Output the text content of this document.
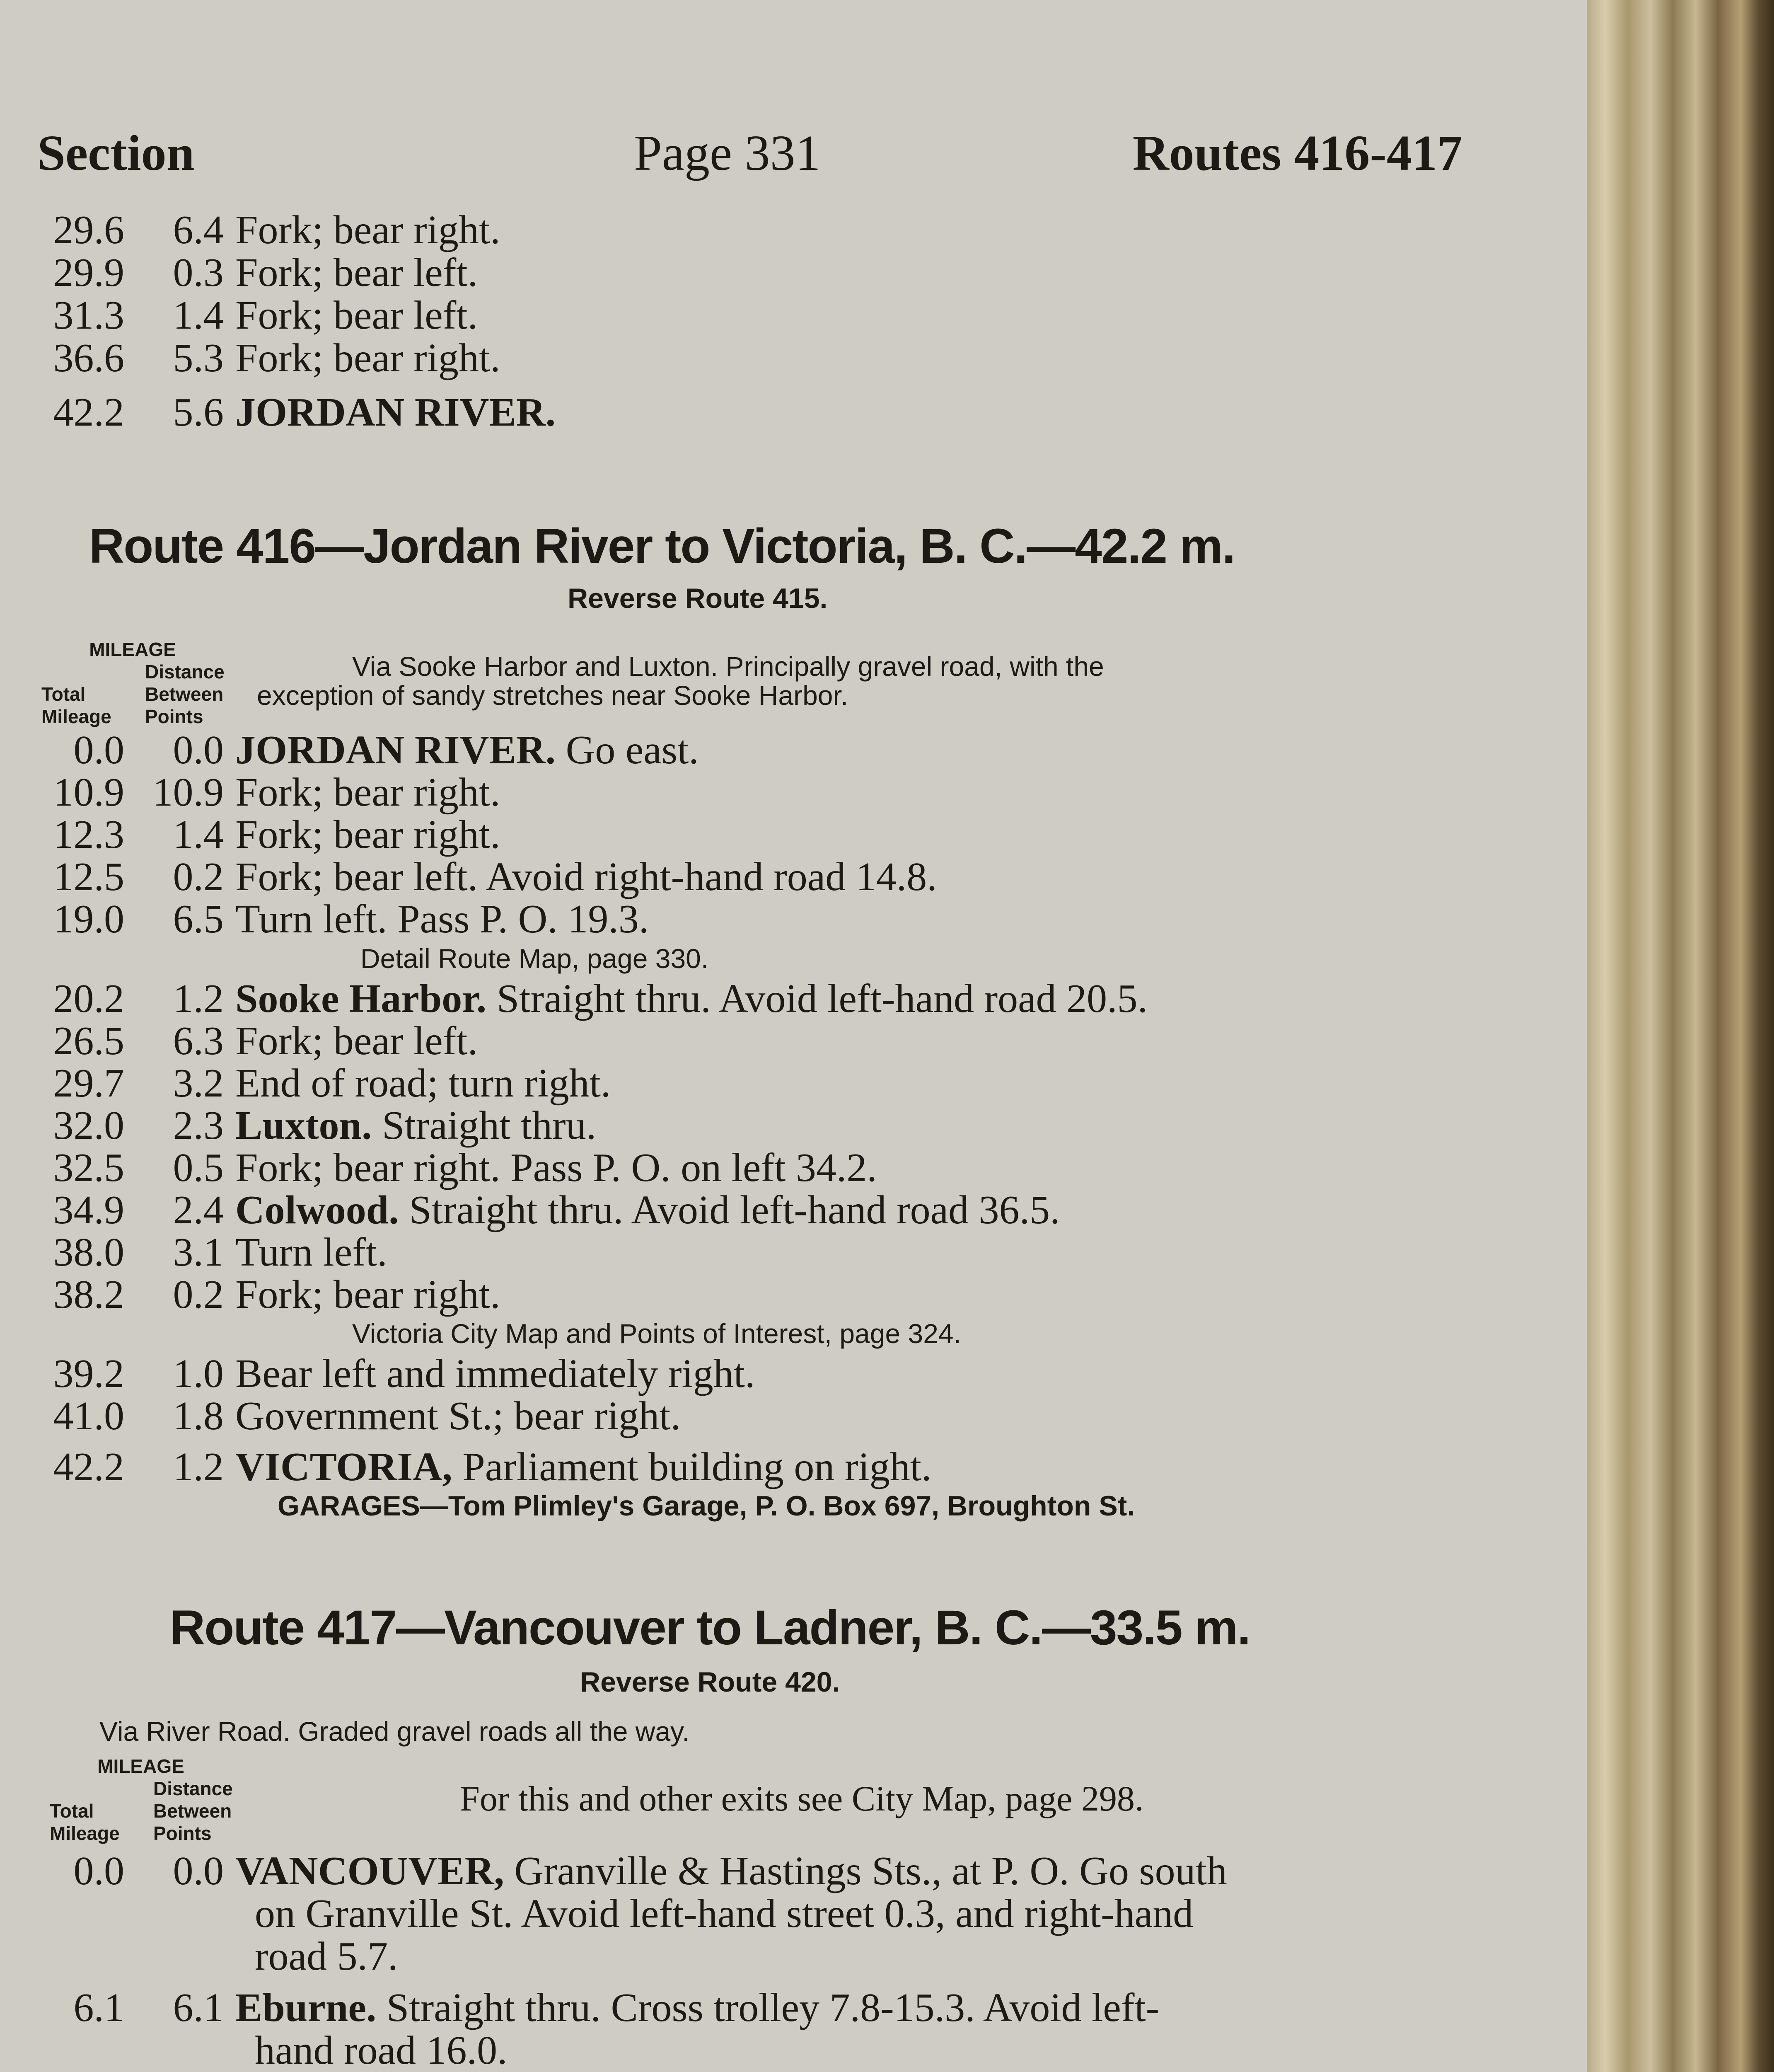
Section	Page 331	Routes 416-417
29.6 6.4 Fork; bear right.
29.9 0.3 Fork; bear left.
31.3 1.4 Fork; bear left.
36.6 5.3 Fork; bear right.
42.2 5.6 JORDAN RIVER.
Route 416—Jordan River to Victoria, B. C.—42.2 m.
Reverse Route 415.
MILEAGE
Distance
Total	Between
Mileage Points
Via Sooke Harbor and Luxton. Principally gravel road, with the
exception of sandy stretches near Sooke Harbor.
0.0 0.0 JORDAN RIVER. Go east.
10.9 10.9 Fork; bear right.
12.3 1.4 Fork; bear right.
12.5 0.2 Fork; bear left. Avoid right-hand road 14.8.
19.0 6.5 Turn left. Pass P. O. 19.3.
Detail Route Map, page 330.
20.2 1.2 Sooke Harbor. Straight thru. Avoid left-hand road 20.5.
26.5 6.3 Fork; bear left.
29.7 3.2 End of road; turn right.
32.0 2.3 Luxton. Straight thru.
32.5 0.5 Fork; bear right. Pass P. O. on left 34.2.
34.9 2.4 Colwood. Straight thru. Avoid left-hand road 36.5.
38.0 3.1 Turn left.
38.2 0.2 Fork; bear right.
Victoria City Map and Points of Interest, page 324.
39.2 1.0 Bear left and immediately right.
41.0 1.8 Government St.; bear right.
42.2 1.2 VICTORIA, Parliament building on right.
GARAGES—Tom Plimley's Garage, P. O. Box 697, Broughton St.
Route 417—Vancouver to Ladner, B. C.—33.5 m.
Reverse Route 420.
Via River Road. Graded gravel roads all the way.
MILEAGE
Distance
Total	Between
Mileage Points
For this and other exits see City Map, page 298.
0.0 0.0 VANCOUVER, Granville & Hastings Sts., at P. O. Go south
on Granville St. Avoid left-hand street 0.3, and right-hand
road 5.7.
6.1 6.1 Eburne. Straight thru. Cross trolley 7.8-15.3. Avoid left-
hand road 16.0.
